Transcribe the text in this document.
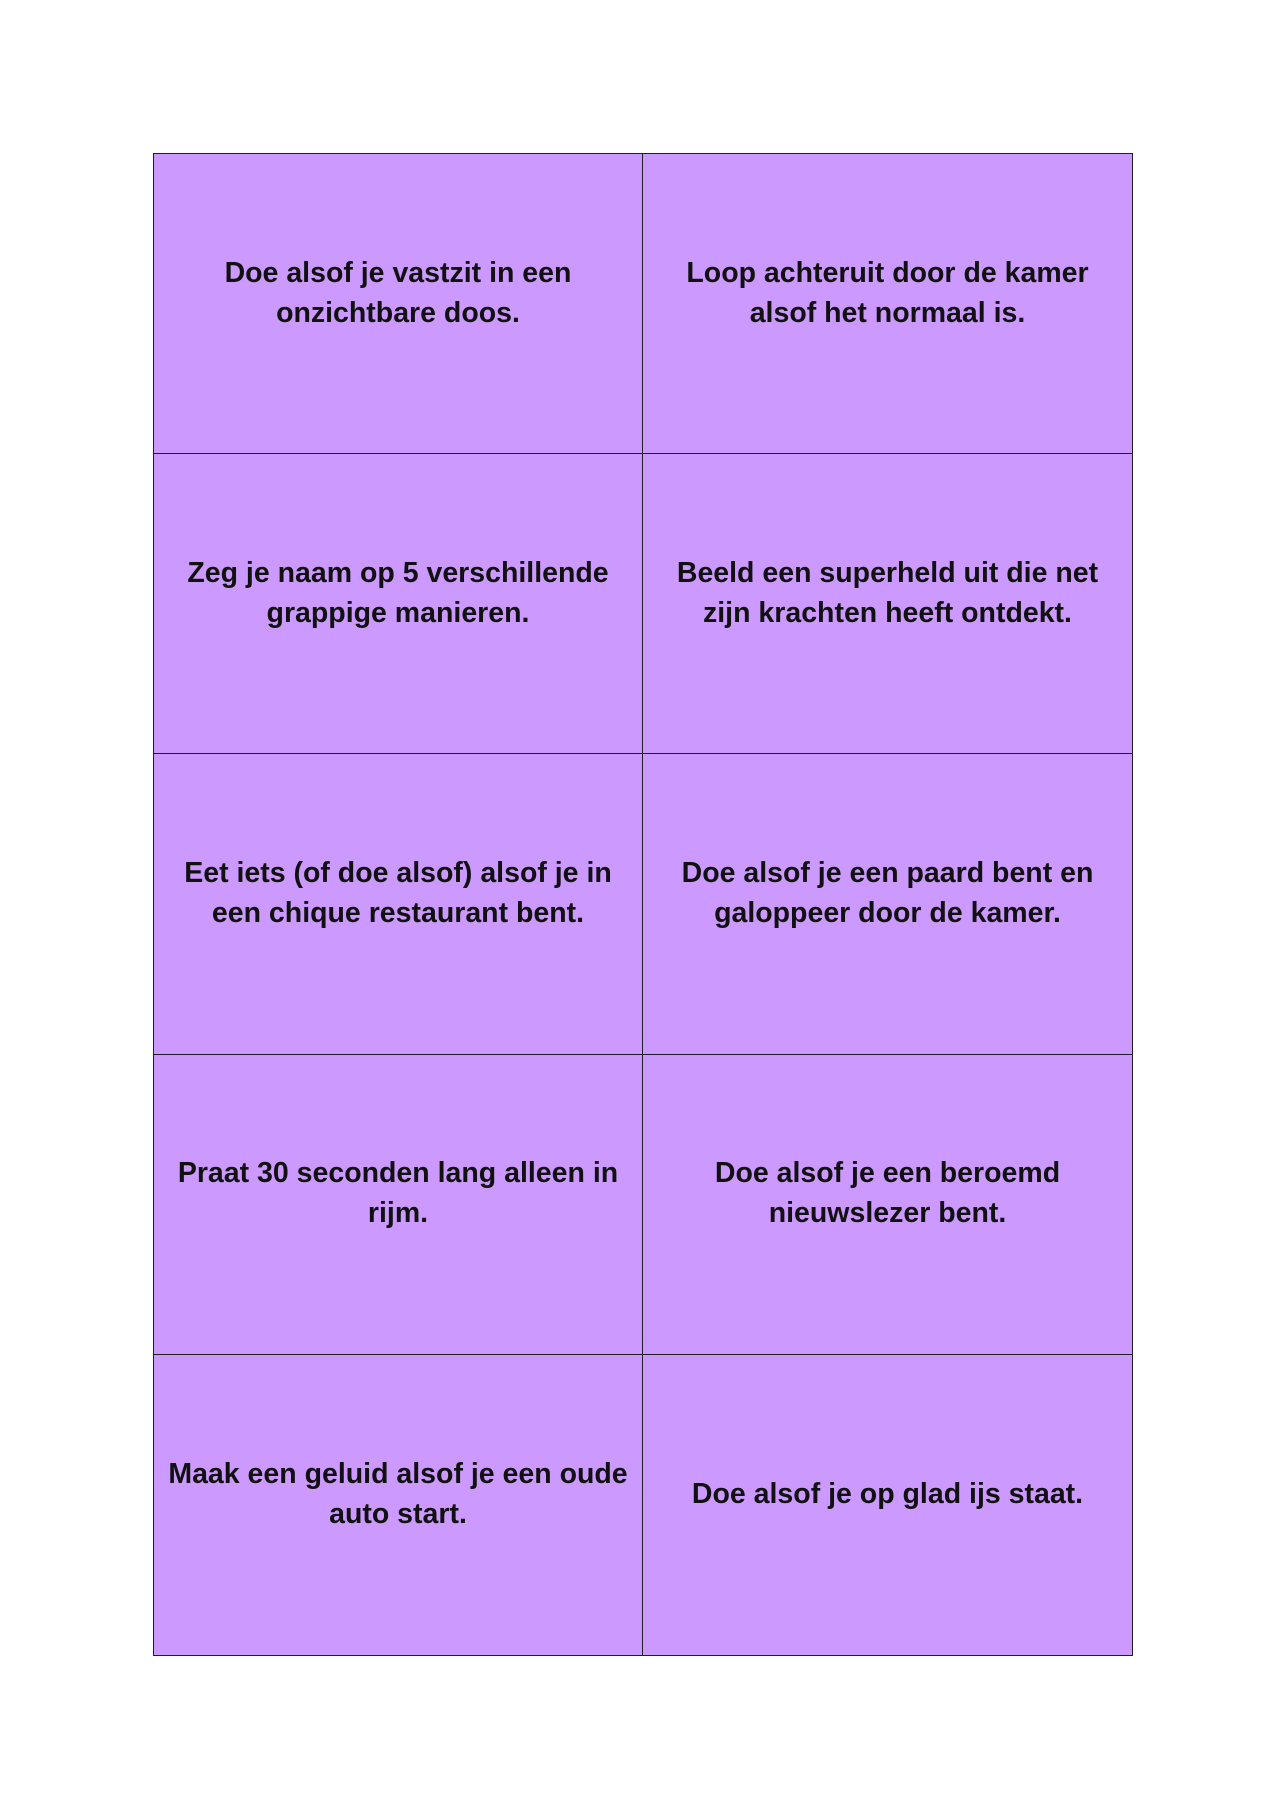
Doe alsof je vastzit in een onzichtbare doos.
Loop achteruit door de kamer alsof het normaal is.
Zeg je naam op 5 verschillende grappige manieren.
Beeld een superheld uit die net zijn krachten heeft ontdekt.
Eet iets (of doe alsof) alsof je in een chique restaurant bent.
Doe alsof je een paard bent en galoppeer door de kamer.
Praat 30 seconden lang alleen in rijm.
Doe alsof je een beroemd nieuwslezer bent.
Maak een geluid alsof je een oude auto start.
Doe alsof je op glad ijs staat.
